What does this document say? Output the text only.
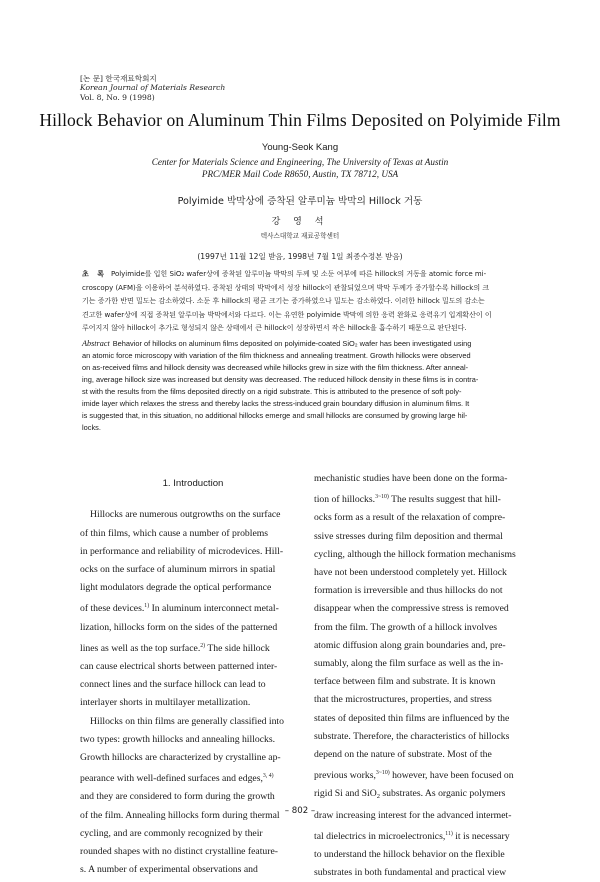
[논 문] 한국재료학회지
Korean Journal of Materials Research
Vol. 8, No. 9 (1998)
Hillock Behavior on Aluminum Thin Films Deposited on Polyimide Film
Young-Seok Kang
Center for Materials Science and Engineering, The University of Texas at Austin
PRC/MER Mail Code R8650, Austin, TX 78712, USA
Polyimide 박막상에 증착된 알루미늄 박막의 Hillock 거동
강 영 석
텍사스대학교 재료공학센터
(1997년 11월 12일 받음, 1998년 7월 1일 최종수정본 받음)
초 록 Polyimide를 입힌 SiO₂ wafer상에 증착된 알루미늄 박막의 두께 및 소둔 여부에 따른 hillock의 거동을 atomic force mi-
croscopy (AFM)을 이용하여 분석하였다. 증착된 상태의 박막에서 성장 hillock이 관찰되었으며 박막 두께가 증가할수록 hillock의 크
기는 증가한 반면 밀도는 감소하였다. 소둔 후 hillock의 평균 크기는 증가하였으나 밀도는 감소하였다. 이러한 hillock 밀도의 감소는
견고한 wafer상에 직접 증착된 알루미늄 박막에서와 다르다. 이는 유연한 polyimide 박막에 의한 응력 완화로 응력유기 입계확산이 이
루어지지 않아 hillock이 추가로 형성되지 않은 상태에서 큰 hillock이 성장하면서 작은 hillock을 흡수하기 때문으로 판단된다.
Abstract Behavior of hillocks on aluminum films deposited on polyimide-coated SiO₂ wafer has been investigated using
an atomic force microscopy with variation of the film thickness and annealing treatment. Growth hillocks were observed
on as-received films and hillock density was decreased while hillocks grew in size with the film thickness. After anneal-
ing, average hillock size was increased but density was decreased. The reduced hillock density in these films is in contra-
st with the results from the films deposited directly on a rigid substrate. This is attributed to the presence of soft poly-
imide layer which relaxes the stress and thereby lacks the stress-induced grain boundary diffusion in aluminum films. It
is suggested that, in this situation, no additional hillocks emerge and small hillocks are consumed by growing large hil-
locks.
Hillocks are numerous outgrowths on the surface
of thin films, which cause a number of problems
in performance and reliability of microdevices. Hill-
ocks on the surface of aluminum mirrors in spatial
light modulators degrade the optical performance
of these devices.$^{1)}$ In aluminum interconnect metal-
lization, hillocks form on the sides of the patterned
lines as well as the top surface.$^{2)}$ The side hillock
can cause electrical shorts between patterned inter-
connect lines and the surface hillock can lead to
interlayer shorts in multilayer metallization.
Hillocks on thin films are generally classified into
two types: growth hillocks and annealing hillocks.
Growth hillocks are characterized by crystalline ap-
pearance with well-defined surfaces and edges,$^{3, 4)}$
and they are considered to form during the growth
of the film. Annealing hillocks form during thermal
cycling, and are commonly recognized by their
rounded shapes with no distinct crystalline feature-
s. A number of experimental observations and
1. Introduction	mechanistic studies have been done on the forma-
tion of hillocks.$^{3\sim 10)}$ The results suggest that hill-
ocks form as a result of the relaxation of compre-
ssive stresses during film deposition and thermal
cycling, although the hillock formation mechanisms
have not been understood completely yet. Hillock
formation is irreversible and thus hillocks do not
disappear when the compressive stress is removed
from the film. The growth of a hillock involves
atomic diffusion along grain boundaries and, pre-
sumably, along the film surface as well as the in-
terface between film and substrate. It is known
that the microstructures, properties, and stress
states of deposited thin films are influenced by the
substrate. Therefore, the characteristics of hillocks
depend on the nature of substrate. Most of the
previous works,$^{3\sim 10)}$ however, have been focused on
rigid Si and SiO$_2$ substrates. As organic polymers
draw increasing interest for the advanced intermet-
tal dielectrics in microelectronics,$^{11)}$ it is necessary
to understand the hillock behavior on the flexible
substrates in both fundamental and practical view
– 802 –
